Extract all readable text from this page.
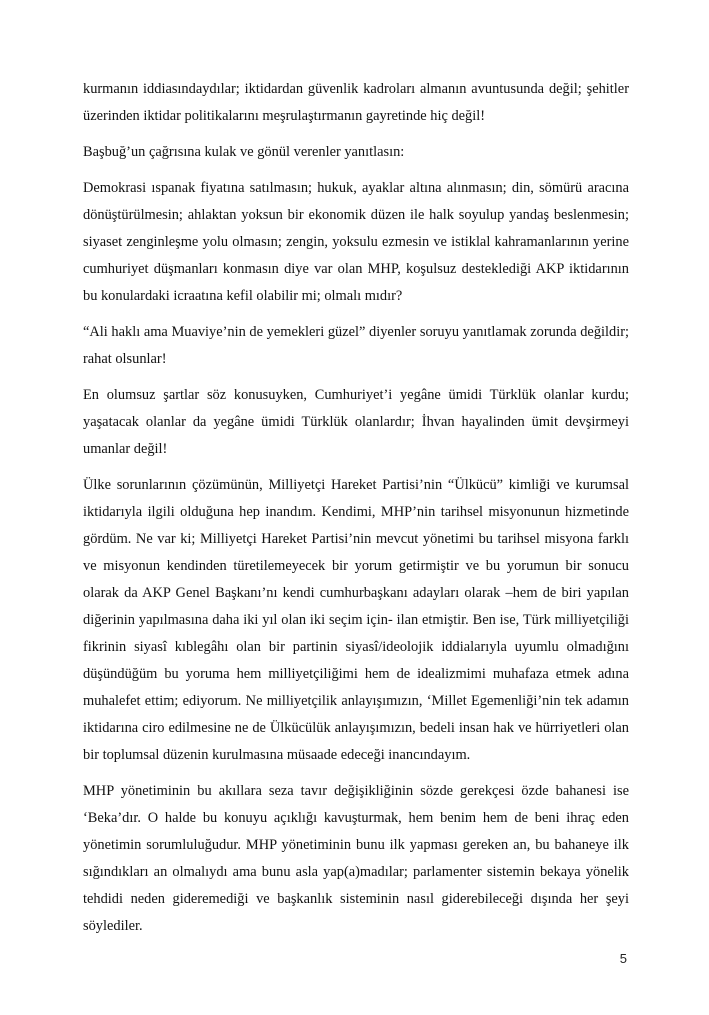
kurmanın iddiasındaydılar; iktidardan güvenlik kadroları almanın avuntusunda değil; şehitler üzerinden iktidar politikalarını meşrulaştırmanın gayretinde hiç değil!

Başbuğ’un çağrısına kulak ve gönül verenler yanıtlasın:

Demokrasi ıspanak fiyatına satılmasın; hukuk, ayaklar altına alınmasın; din, sömürü aracına dönüştürülmesin; ahlaktan yoksun bir ekonomik düzen ile halk soyulup yandaş beslenmesin; siyaset zenginleşme yolu olmasın; zengin, yoksulu ezmesin ve istiklal kahramanlarının yerine cumhuriyet düşmanları konmasın diye var olan MHP, koşulsuz desteklediği AKP iktidarının bu konulardaki icraatına kefil olabilir mi; olmalı mıdır?

“Ali haklı ama Muaviye’nin de yemekleri güzel” diyenler soruyu yanıtlamak zorunda değildir; rahat olsunlar!

En olumsuz şartlar söz konusuyken, Cumhuriyet’i yegâne ümidi Türklük olanlar kurdu; yaşatacak olanlar da yegâne ümidi Türklük olanlardır; İhvan hayalinden ümit devşirmeyi umanlar değil!

Ülke sorunlarının çözümünün, Milliyetçi Hareket Partisi’nin “Ülkücü” kimliği ve kurumsal iktidarıyla ilgili olduğuna hep inandım. Kendimi, MHP’nin tarihsel misyonunun hizmetinde gördüm. Ne var ki; Milliyetçi Hareket Partisi’nin mevcut yönetimi bu tarihsel misyona farklı ve misyonun kendinden türetilemeyecek bir yorum getirmiştir ve bu yorumun bir sonucu olarak da AKP Genel Başkanı’nı kendi cumhurbaşkanı adayları olarak –hem de biri yapılan diğerinin yapılmasına daha iki yıl olan iki seçim için- ilan etmiştir. Ben ise, Türk milliyetçiliği fikrinin siyasî kıblegâhı olan bir partinin siyasî/ideolojik iddialarıyla uyumlu olmadığını düşündüğüm bu yoruma hem milliyetçiliğimi hem de idealizmimi muhafaza etmek adına muhalefet ettim; ediyorum. Ne milliyetçilik anlayışımızın, ‘Millet Egemenliği’nin tek adamın iktidarına ciro edilmesine ne de Ülkücülük anlayışımızın, bedeli insan hak ve hürriyetleri olan bir toplumsal düzenin kurulmasına müsaade edeceği inancındayım.

MHP yönetiminin bu akıllara seza tavır değişikliğinin sözde gerekçesi özde bahanesi ise ‘Beka’dır. O halde bu konuyu açıklığı kavuşturmak, hem benim hem de beni ihraç eden yönetimin sorumluluğudur. MHP yönetiminin bunu ilk yapması gereken an, bu bahaneye ilk sığındıkları an olmalıydı ama bunu asla yap(a)madılar; parlamenter sistemin bekaya yönelik tehdidi neden gideremediği ve başkanlık sisteminin nasıl giderebileceği dışında her şeyi söylediler.

5
